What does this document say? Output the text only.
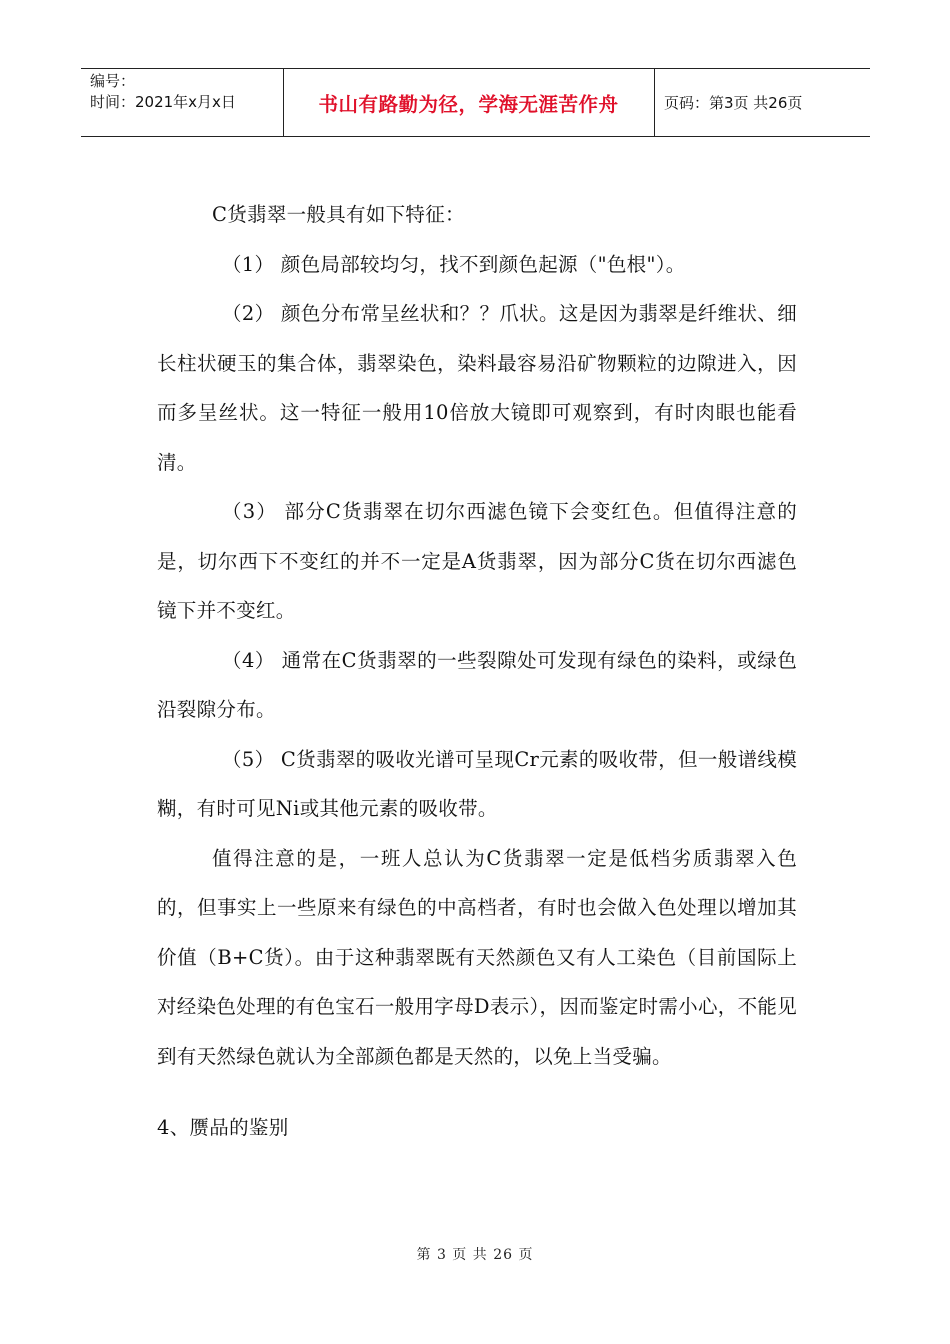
编号：
时间：2021年x月x日	书山有路勤为径，学海无涯苦作舟	页码：第3页 共26页

C货翡翠一般具有如下特征：

（1） 颜色局部较均匀，找不到颜色起源（"色根"）。

（2） 颜色分布常呈丝状和？？爪状。这是因为翡翠是纤维状、细长柱状硬玉的集合体，翡翠染色，染料最容易沿矿物颗粒的边隙进入，因而多呈丝状。这一特征一般用10倍放大镜即可观察到，有时肉眼也能看清。

（3） 部分C货翡翠在切尔西滤色镜下会变红色。但值得注意的是，切尔西下不变红的并不一定是A货翡翠，因为部分C货在切尔西滤色镜下并不变红。

（4） 通常在C货翡翠的一些裂隙处可发现有绿色的染料，或绿色沿裂隙分布。

（5） C货翡翠的吸收光谱可呈现Cr元素的吸收带，但一般谱线模糊，有时可见Ni或其他元素的吸收带。

值得注意的是，一班人总认为C货翡翠一定是低档劣质翡翠入色的，但事实上一些原来有绿色的中高档者，有时也会做入色处理以增加其价值（B+C货）。由于这种翡翠既有天然颜色又有人工染色（目前国际上对经染色处理的有色宝石一般用字母D表示），因而鉴定时需小心，不能见到有天然绿色就认为全部颜色都是天然的，以免上当受骗。

4、赝品的鉴别

第 3 页 共 26 页
